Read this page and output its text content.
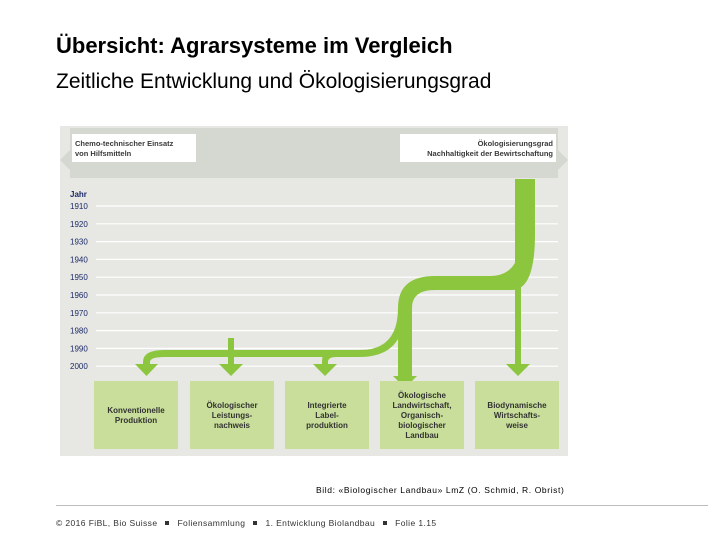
Übersicht: Agrarsysteme im Vergleich
Zeitliche Entwicklung und Ökologisierungsgrad
Chemo-technischer Einsatz
von Hilfsmitteln
Ökologisierungsgrad
Nachhaltigkeit der Bewirtschaftung
Jahr
1910
1920
1930
1940
1950
1960
1970
1980
1990
2000
Konventionelle
Produktion
Ökologischer
Leistungs-
nachweis
Integrierte
Label-
produktion
Ökologische
Landwirtschaft,
Organisch-
biologischer
Landbau
Biodynamische
Wirtschafts-
weise
Bild: «Biologischer Landbau» LmZ (O. Schmid, R. Obrist)
© 2016 FiBL, Bio Suisse Foliensammlung 1. Entwicklung Biolandbau Folie 1.15
